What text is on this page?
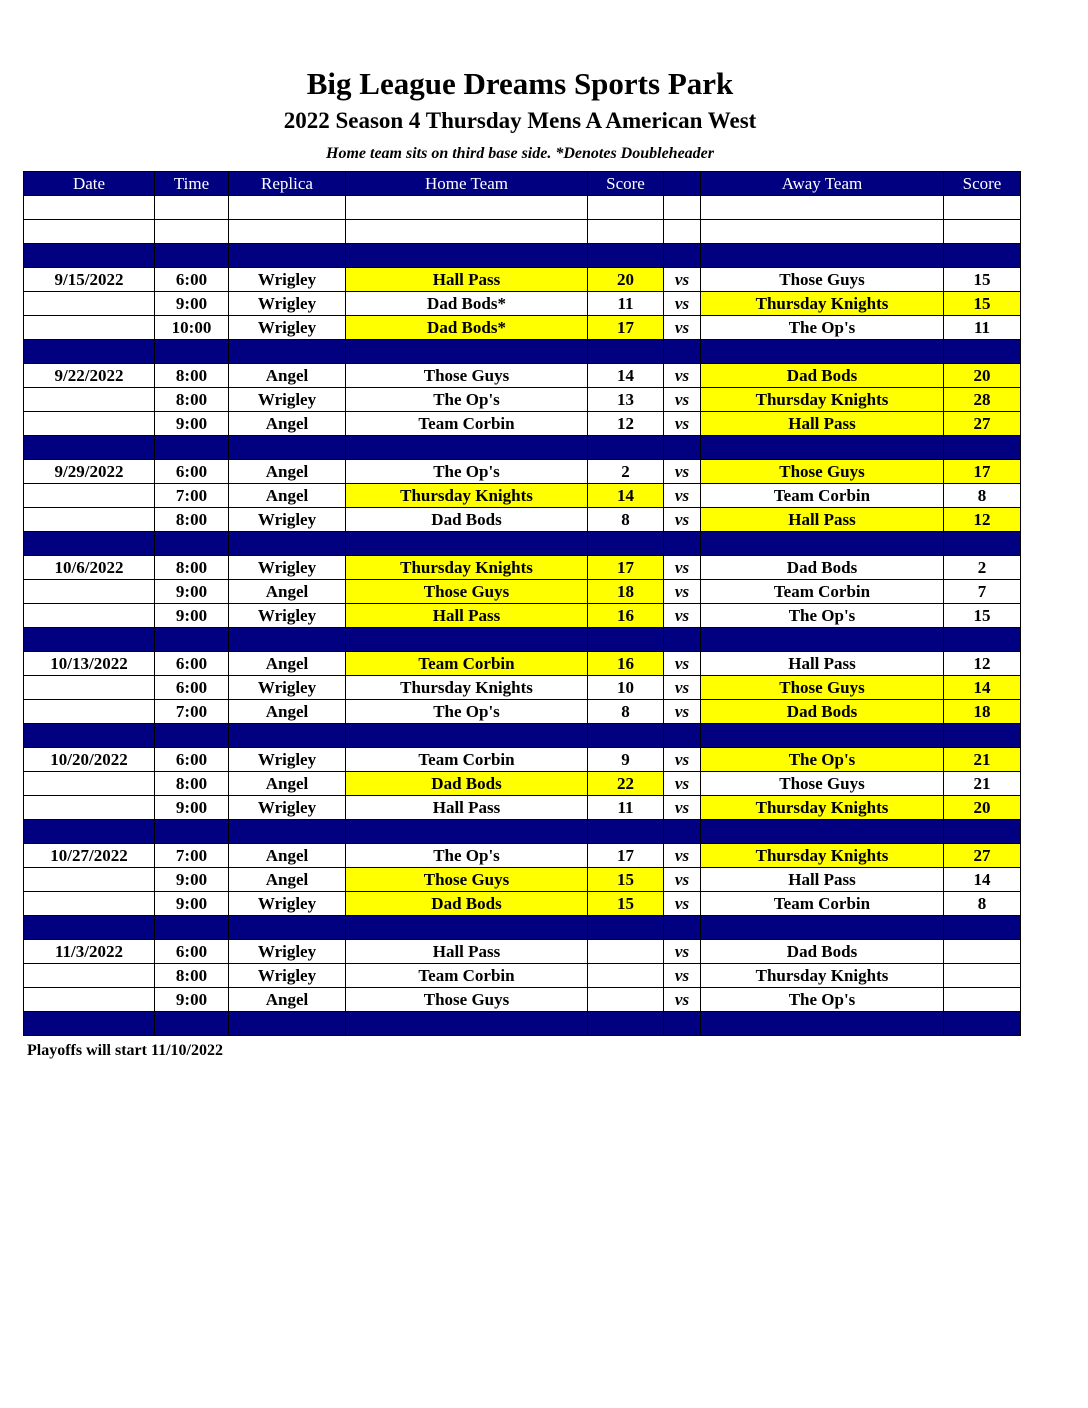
Big League Dreams Sports Park
2022 Season 4 Thursday Mens A American West
Home team sits on third base side. *Denotes Doubleheader
Date	Time	Replica	Home Team	Score		Away Team	Score

9/15/2022	6:00	Wrigley	Hall Pass	20	vs	Those Guys	15
	9:00	Wrigley	Dad Bods*	11	vs	Thursday Knights	15
	10:00	Wrigley	Dad Bods*	17	vs	The Op's	11

9/22/2022	8:00	Angel	Those Guys	14	vs	Dad Bods	20
	8:00	Wrigley	The Op's	13	vs	Thursday Knights	28
	9:00	Angel	Team Corbin	12	vs	Hall Pass	27

9/29/2022	6:00	Angel	The Op's	2	vs	Those Guys	17
	7:00	Angel	Thursday Knights	14	vs	Team Corbin	8
	8:00	Wrigley	Dad Bods	8	vs	Hall Pass	12

10/6/2022	8:00	Wrigley	Thursday Knights	17	vs	Dad Bods	2
	9:00	Angel	Those Guys	18	vs	Team Corbin	7
	9:00	Wrigley	Hall Pass	16	vs	The Op's	15

10/13/2022	6:00	Angel	Team Corbin	16	vs	Hall Pass	12
	6:00	Wrigley	Thursday Knights	10	vs	Those Guys	14
	7:00	Angel	The Op's	8	vs	Dad Bods	18

10/20/2022	6:00	Wrigley	Team Corbin	9	vs	The Op's	21
	8:00	Angel	Dad Bods	22	vs	Those Guys	21
	9:00	Wrigley	Hall Pass	11	vs	Thursday Knights	20

10/27/2022	7:00	Angel	The Op's	17	vs	Thursday Knights	27
	9:00	Angel	Those Guys	15	vs	Hall Pass	14
	9:00	Wrigley	Dad Bods	15	vs	Team Corbin	8

11/3/2022	6:00	Wrigley	Hall Pass		vs	Dad Bods	
	8:00	Wrigley	Team Corbin		vs	Thursday Knights	
	9:00	Angel	Those Guys		vs	The Op's	

Playoffs will start 11/10/2022
